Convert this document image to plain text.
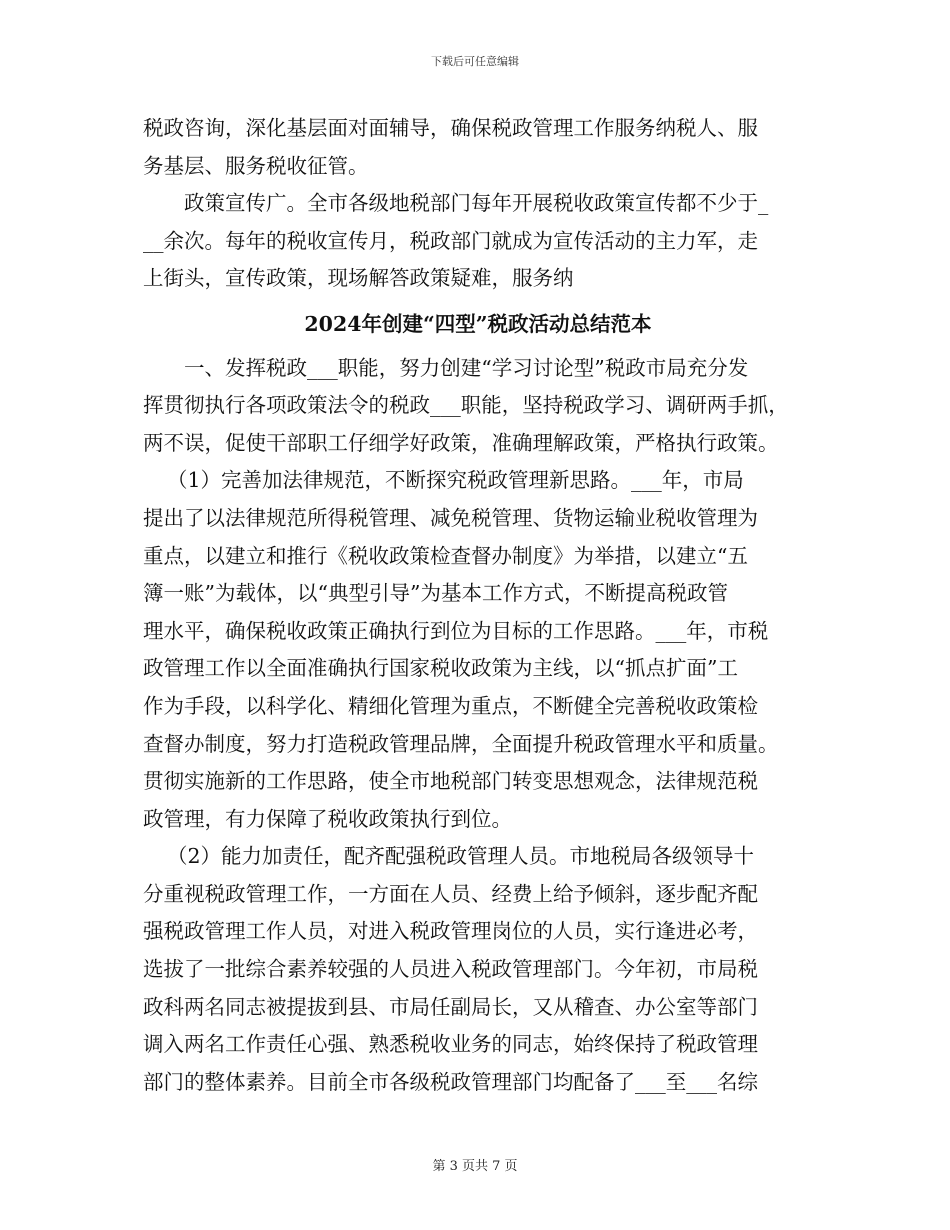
下载后可任意编辑
税政咨询，深化基层面对面辅导，确保税政管理工作服务纳税人、服
务基层、服务税收征管。
政策宣传广。全市各级地税部门每年开展税收政策宣传都不少于_
__余次。每年的税收宣传月，税政部门就成为宣传活动的主力军，走
上街头，宣传政策，现场解答政策疑难，服务纳
2024年创建“四型”税政活动总结范本
一、发挥税政___职能，努力创建“学习讨论型”税政市局充分发
挥贯彻执行各项政策法令的税政___职能，坚持税政学习、调研两手抓，
两不误，促使干部职工仔细学好政策，准确理解政策，严格执行政策。
（1）完善加法律规范，不断探究税政管理新思路。___年，市局
提出了以法律规范所得税管理、减免税管理、货物运输业税收管理为
重点，以建立和推行《税收政策检查督办制度》为举措，以建立“五
簿一账”为载体，以“典型引导”为基本工作方式，不断提高税政管
理水平，确保税收政策正确执行到位为目标的工作思路。___年，市税
政管理工作以全面准确执行国家税收政策为主线，以“抓点扩面”工
作为手段，以科学化、精细化管理为重点，不断健全完善税收政策检
查督办制度，努力打造税政管理品牌，全面提升税政管理水平和质量。
贯彻实施新的工作思路，使全市地税部门转变思想观念，法律规范税
政管理，有力保障了税收政策执行到位。
（2）能力加责任，配齐配强税政管理人员。市地税局各级领导十
分重视税政管理工作，一方面在人员、经费上给予倾斜，逐步配齐配
强税政管理工作人员，对进入税政管理岗位的人员，实行逢进必考，
选拔了一批综合素养较强的人员进入税政管理部门。今年初，市局税
政科两名同志被提拔到县、市局任副局长，又从稽查、办公室等部门
调入两名工作责任心强、熟悉税收业务的同志，始终保持了税政管理
部门的整体素养。目前全市各级税政管理部门均配备了___至___名综
第 3 页共 7 页
